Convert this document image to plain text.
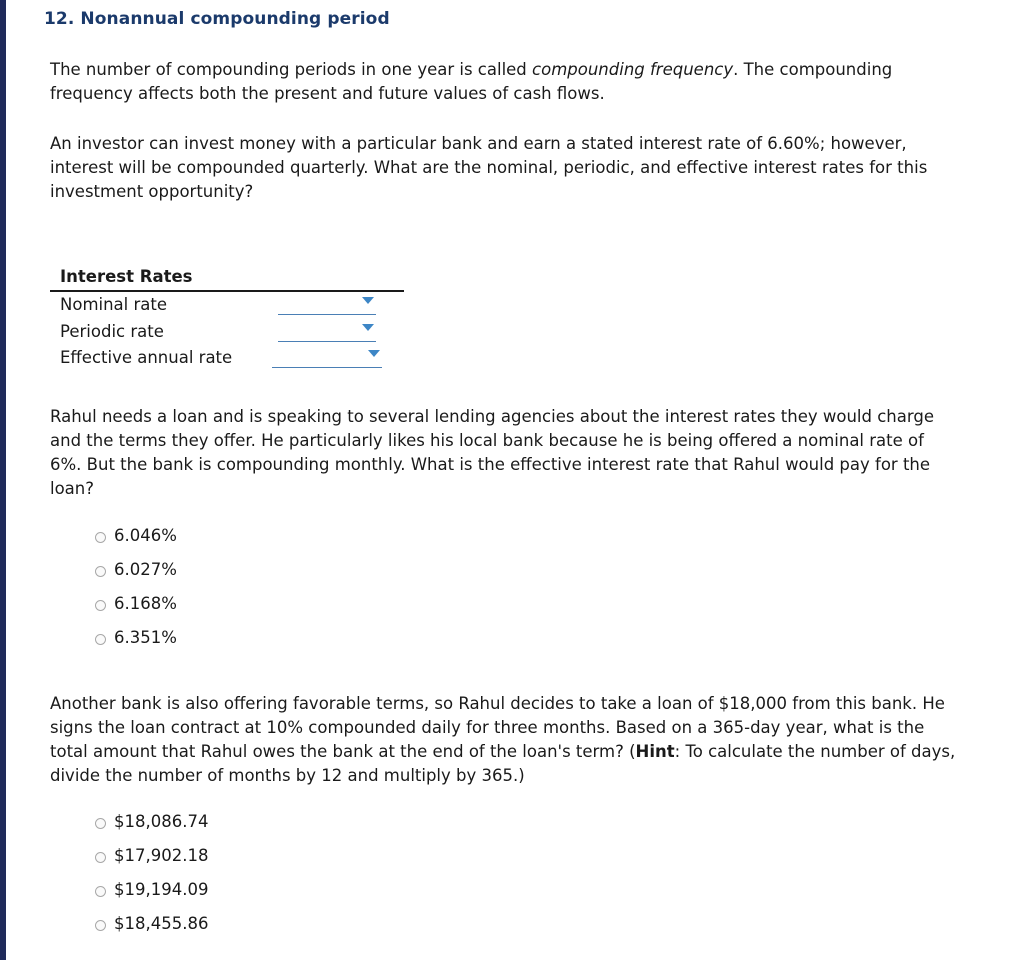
12. Nonannual compounding period

The number of compounding periods in one year is called compounding frequency. The compounding frequency affects both the present and future values of cash flows.

An investor can invest money with a particular bank and earn a stated interest rate of 6.60%; however, interest will be compounded quarterly. What are the nominal, periodic, and effective interest rates for this investment opportunity?

Interest Rates
Nominal rate
Periodic rate
Effective annual rate

Rahul needs a loan and is speaking to several lending agencies about the interest rates they would charge and the terms they offer. He particularly likes his local bank because he is being offered a nominal rate of 6%. But the bank is compounding monthly. What is the effective interest rate that Rahul would pay for the loan?

6.046%
6.027%
6.168%
6.351%

Another bank is also offering favorable terms, so Rahul decides to take a loan of $18,000 from this bank. He signs the loan contract at 10% compounded daily for three months. Based on a 365-day year, what is the total amount that Rahul owes the bank at the end of the loan's term? (Hint: To calculate the number of days, divide the number of months by 12 and multiply by 365.)

$18,086.74
$17,902.18
$19,194.09
$18,455.86
